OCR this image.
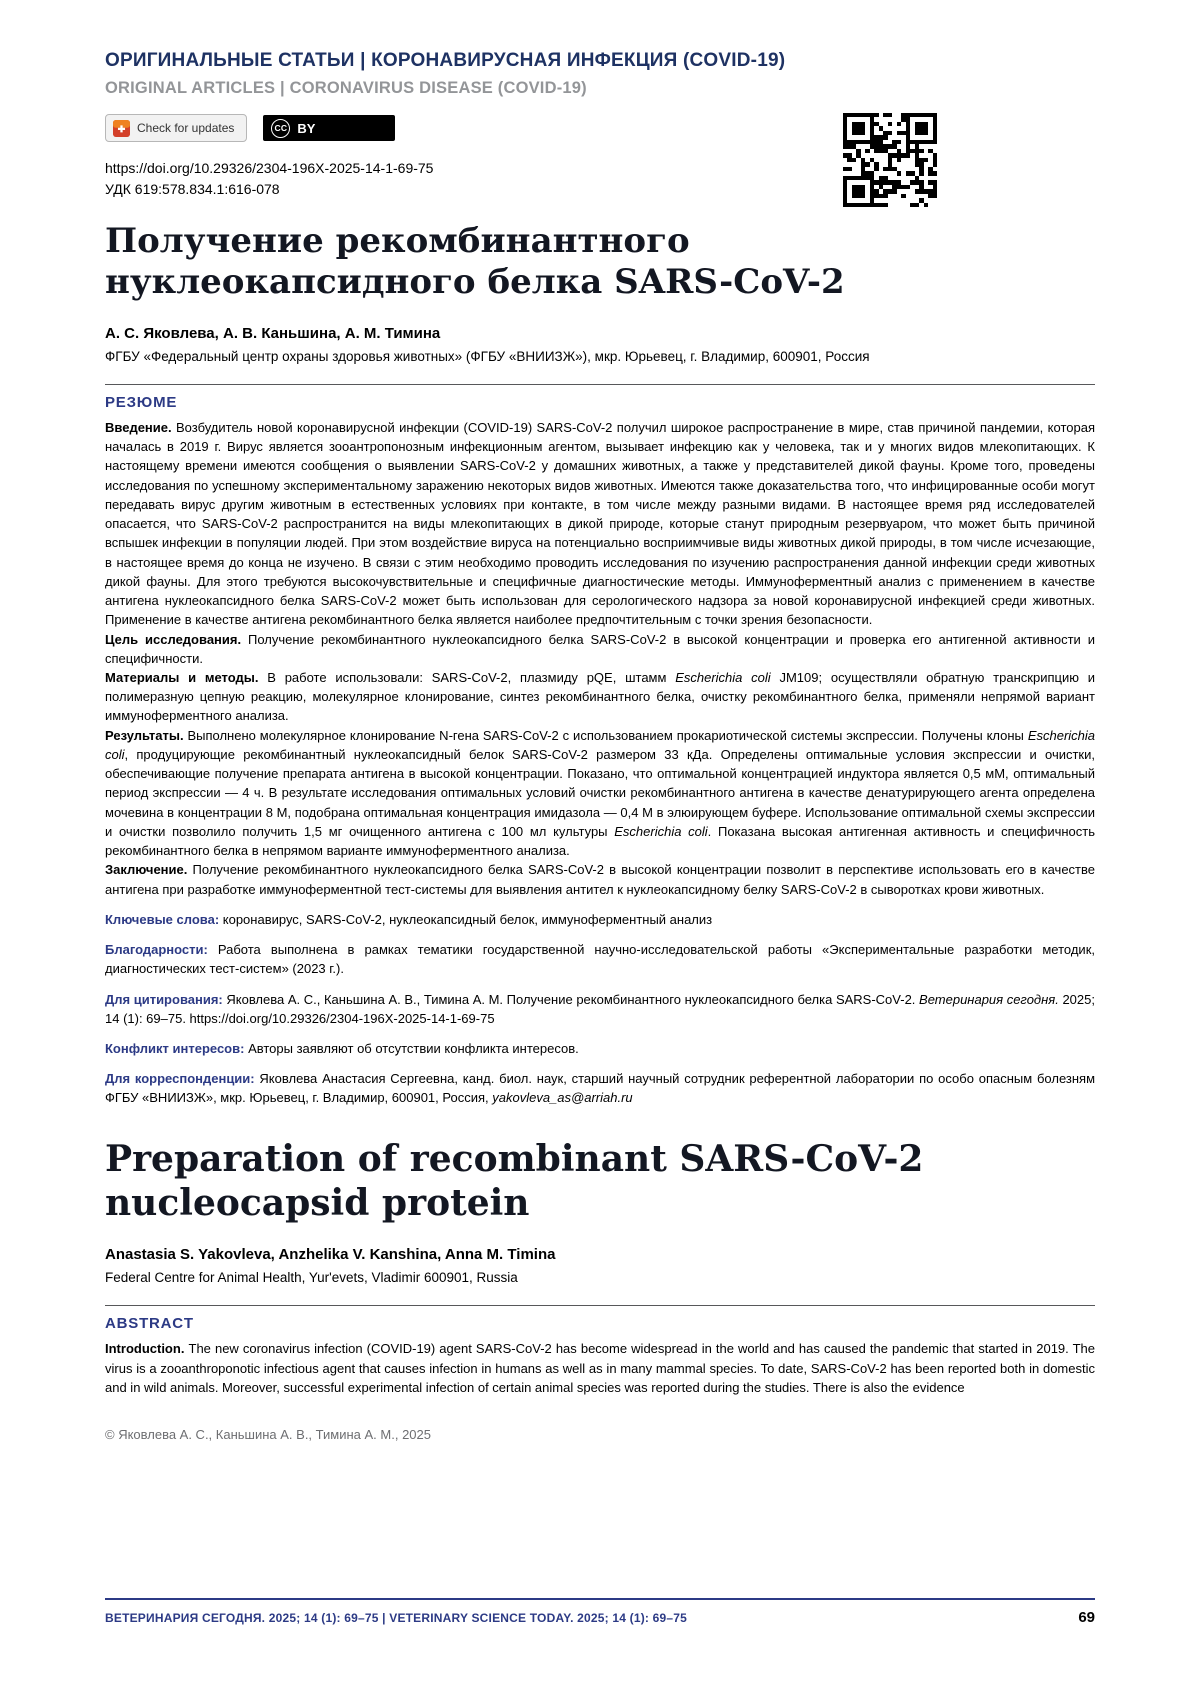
ОРИГИНАЛЬНЫЕ СТАТЬИ | КОРОНАВИРУСНАЯ ИНФЕКЦИЯ (COVID-19)
ORIGINAL ARTICLES | CORONAVIRUS DISEASE (COVID-19)
Check for updates	CC BY
https://doi.org/10.29326/2304-196X-2025-14-1-69-75
УДК 619:578.834.1:616-078
Получение рекомбинантного
нуклеокапсидного белка SARS-CoV-2
А. С. Яковлева, А. В. Каньшина, А. М. Тимина
ФГБУ «Федеральный центр охраны здоровья животных» (ФГБУ «ВНИИЗЖ»), мкр. Юрьевец, г. Владимир, 600901, Россия
РЕЗЮМЕ

Введение. Возбудитель новой коронавирусной инфекции (COVID-19) SARS-CoV-2 получил широкое распространение в мире, став причиной пандемии, которая началась в 2019 г. Вирус является зооантропонозным инфекционным агентом, вызывает инфекцию как у человека, так и у многих видов млекопитающих. К настоящему времени имеются сообщения о выявлении SARS-CoV-2 у домашних животных, а также у представителей дикой фауны. Кроме того, проведены исследования по успешному экспериментальному заражению некоторых видов животных. Имеются также доказательства того, что инфицированные особи могут передавать вирус другим животным в естественных условиях при контакте, в том числе между разными видами. В настоящее время ряд исследователей опасается, что SARS-CoV-2 распространится на виды млекопитающих в дикой природе, которые станут природным резервуаром, что может быть причиной вспышек инфекции в популяции людей. При этом воздействие вируса на потенциально восприимчивые виды животных дикой природы, в том числе исчезающие, в настоящее время до конца не изучено. В связи с этим необходимо проводить исследования по изучению распространения данной инфекции среди животных дикой фауны. Для этого требуются высокочувствительные и специфичные диагностические методы. Иммуноферментный анализ с применением в качестве антигена нуклеокапсидного белка SARS-CoV-2 может быть использован для серологического надзора за новой коронавирусной инфекцией среди животных. Применение в качестве антигена рекомбинантного белка является наиболее предпочтительным с точки зрения безопасности.

Цель исследования. Получение рекомбинантного нуклеокапсидного белка SARS-CoV-2 в высокой концентрации и проверка его антигенной активности и специфичности.

Материалы и методы. В работе использовали: SARS-CoV-2, плазмиду pQE, штамм Escherichia coli JM109; осуществляли обратную транскрипцию и полимеразную цепную реакцию, молекулярное клонирование, синтез рекомбинантного белка, очистку рекомбинантного белка, применяли непрямой вариант иммуноферментного анализа.

Результаты. Выполнено молекулярное клонирование N-гена SARS-CoV-2 с использованием прокариотической системы экспрессии. Получены клоны Escherichia coli, продуцирующие рекомбинантный нуклеокапсидный белок SARS-CoV-2 размером 33 кДа. Определены оптимальные условия экспрессии и очистки, обеспечивающие получение препарата антигена в высокой концентрации. Показано, что оптимальной концентрацией индуктора является 0,5 мМ, оптимальный период экспрессии — 4 ч. В результате исследования оптимальных условий очистки рекомбинантного антигена в качестве денатурирующего агента определена мочевина в концентрации 8 М, подобрана оптимальная концентрация имидазола — 0,4 М в элюирующем буфере. Использование оптимальной схемы экспрессии и очистки позволило получить 1,5 мг очищенного антигена с 100 мл культуры Escherichia coli. Показана высокая антигенная активность и специфичность рекомбинантного белка в непрямом варианте иммуноферментного анализа.

Заключение. Получение рекомбинантного нуклеокапсидного белка SARS-CoV-2 в высокой концентрации позволит в перспективе использовать его в качестве антигена при разработке иммуноферментной тест-системы для выявления антител к нуклеокапсидному белку SARS-CoV-2 в сыворотках крови животных.

Ключевые слова: коронавирус, SARS-CoV-2, нуклеокапсидный белок, иммуноферментный анализ

Благодарности: Работа выполнена в рамках тематики государственной научно-исследовательской работы «Экспериментальные разработки методик, диагностических тест-систем» (2023 г.).

Для цитирования: Яковлева А. С., Каньшина А. В., Тимина А. М. Получение рекомбинантного нуклеокапсидного белка SARS-CoV-2. Ветеринария сегодня. 2025; 14 (1): 69–75. https://doi.org/10.29326/2304-196X-2025-14-1-69-75

Конфликт интересов: Авторы заявляют об отсутствии конфликта интересов.

Для корреспонденции: Яковлева Анастасия Сергеевна, канд. биол. наук, старший научный сотрудник референтной лаборатории по особо опасным болезням ФГБУ «ВНИИЗЖ», мкр. Юрьевец, г. Владимир, 600901, Россия, yakovleva_as@arriah.ru

Preparation of recombinant SARS-CoV-2
nucleocapsid protein
Anastasia S. Yakovleva, Anzhelika V. Kanshina, Anna M. Timina
Federal Centre for Animal Health, Yur'evets, Vladimir 600901, Russia
ABSTRACT

Introduction. The new coronavirus infection (COVID-19) agent SARS-CoV-2 has become widespread in the world and has caused the pandemic that started in 2019. The virus is a zooanthroponotic infectious agent that causes infection in humans as well as in many mammal species. To date, SARS-CoV-2 has been reported both in domestic and in wild animals. Moreover, successful experimental infection of certain animal species was reported during the studies. There is also the evidence

© Яковлева А. С., Каньшина А. В., Тимина А. М., 2025
ВЕТЕРИНАРИЯ СЕГОДНЯ. 2025; 14 (1): 69–75 | VETERINARY SCIENCE TODAY. 2025; 14 (1): 69–75	69
